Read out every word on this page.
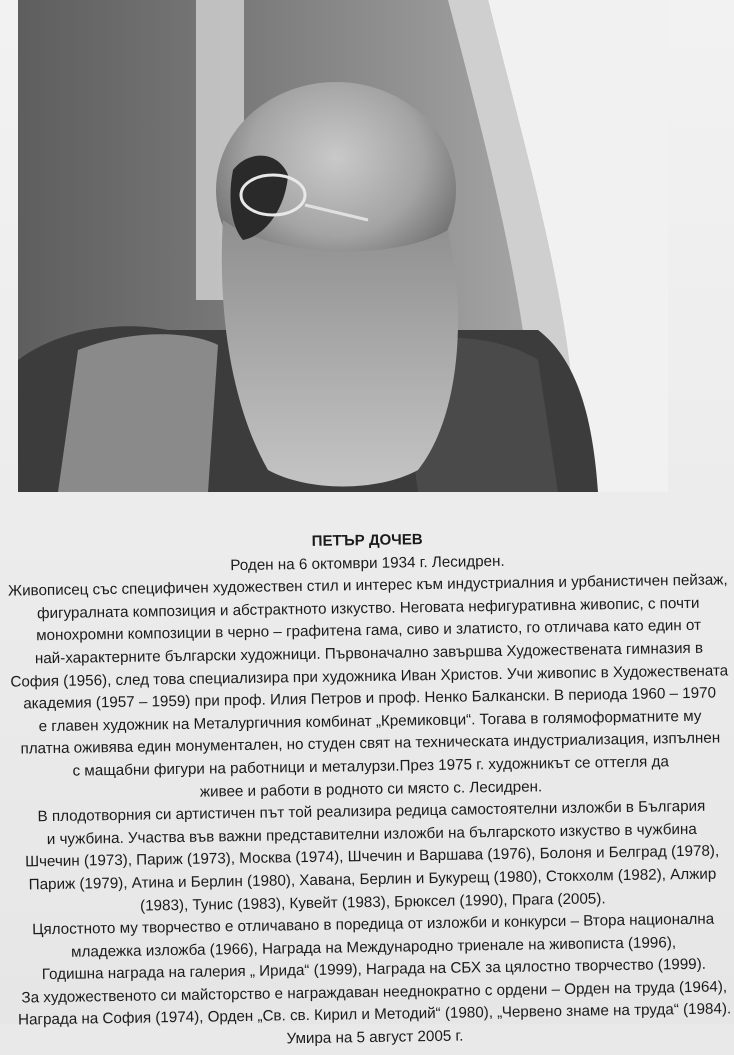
ПЕТЪР ДОЧЕВ
Роден на 6 октомври 1934 г. Лесидрен.
Живописец със специфичен художествен стил и интерес към индустриалния и урбанистичен пейзаж,
фигуралната композиция и абстрактното изкуство. Неговата нефигуративна живопис, с почти
монохромни композиции в черно – графитена гама, сиво и златисто, го отличава като един от
най-характерните български художници. Първоначално завършва Художествената гимназия в
София (1956), след това специализира при художника Иван Христов. Учи живопис в Художествената
академия (1957 – 1959) при проф. Илия Петров и проф. Ненко Балкански. В периода 1960 – 1970
е главен художник на Металургичния комбинат „Кремиковци“. Тогава в голямоформатните му
платна оживява един монументален, но студен свят на техническата индустриализация, изпълнен
с мащабни фигури на работници и металурзи.През 1975 г. художникът се оттегля да
живее и работи в родното си място с. Лесидрен.
В плодотворния си артистичен път той реализира редица самостоятелни изложби в България
и чужбина. Участва във важни представителни изложби на българското изкуство в чужбина
Шчечин (1973), Париж (1973), Москва (1974), Шчечин и Варшава (1976), Болоня и Белград (1978),
Париж (1979), Атина и Берлин (1980), Хавана, Берлин и Букурещ (1980), Стокхолм (1982), Алжир
(1983), Тунис (1983), Кувейт (1983), Брюксел (1990), Прага (2005).
Цялостното му творчество е отличавано в поредица от изложби и конкурси – Втора национална
младежка изложба (1966), Награда на Международно триенале на живописта (1996),
Годишна награда на галерия „ Ирида“ (1999), Награда на СБХ за цялостно творчество (1999).
За художественото си майсторство е награждаван нееднократно с ордени – Орден на труда (1964),
Награда на София (1974), Орден „Св. св. Кирил и Методий“ (1980), „Червено знаме на труда“ (1984).
Умира на 5 август 2005 г.
